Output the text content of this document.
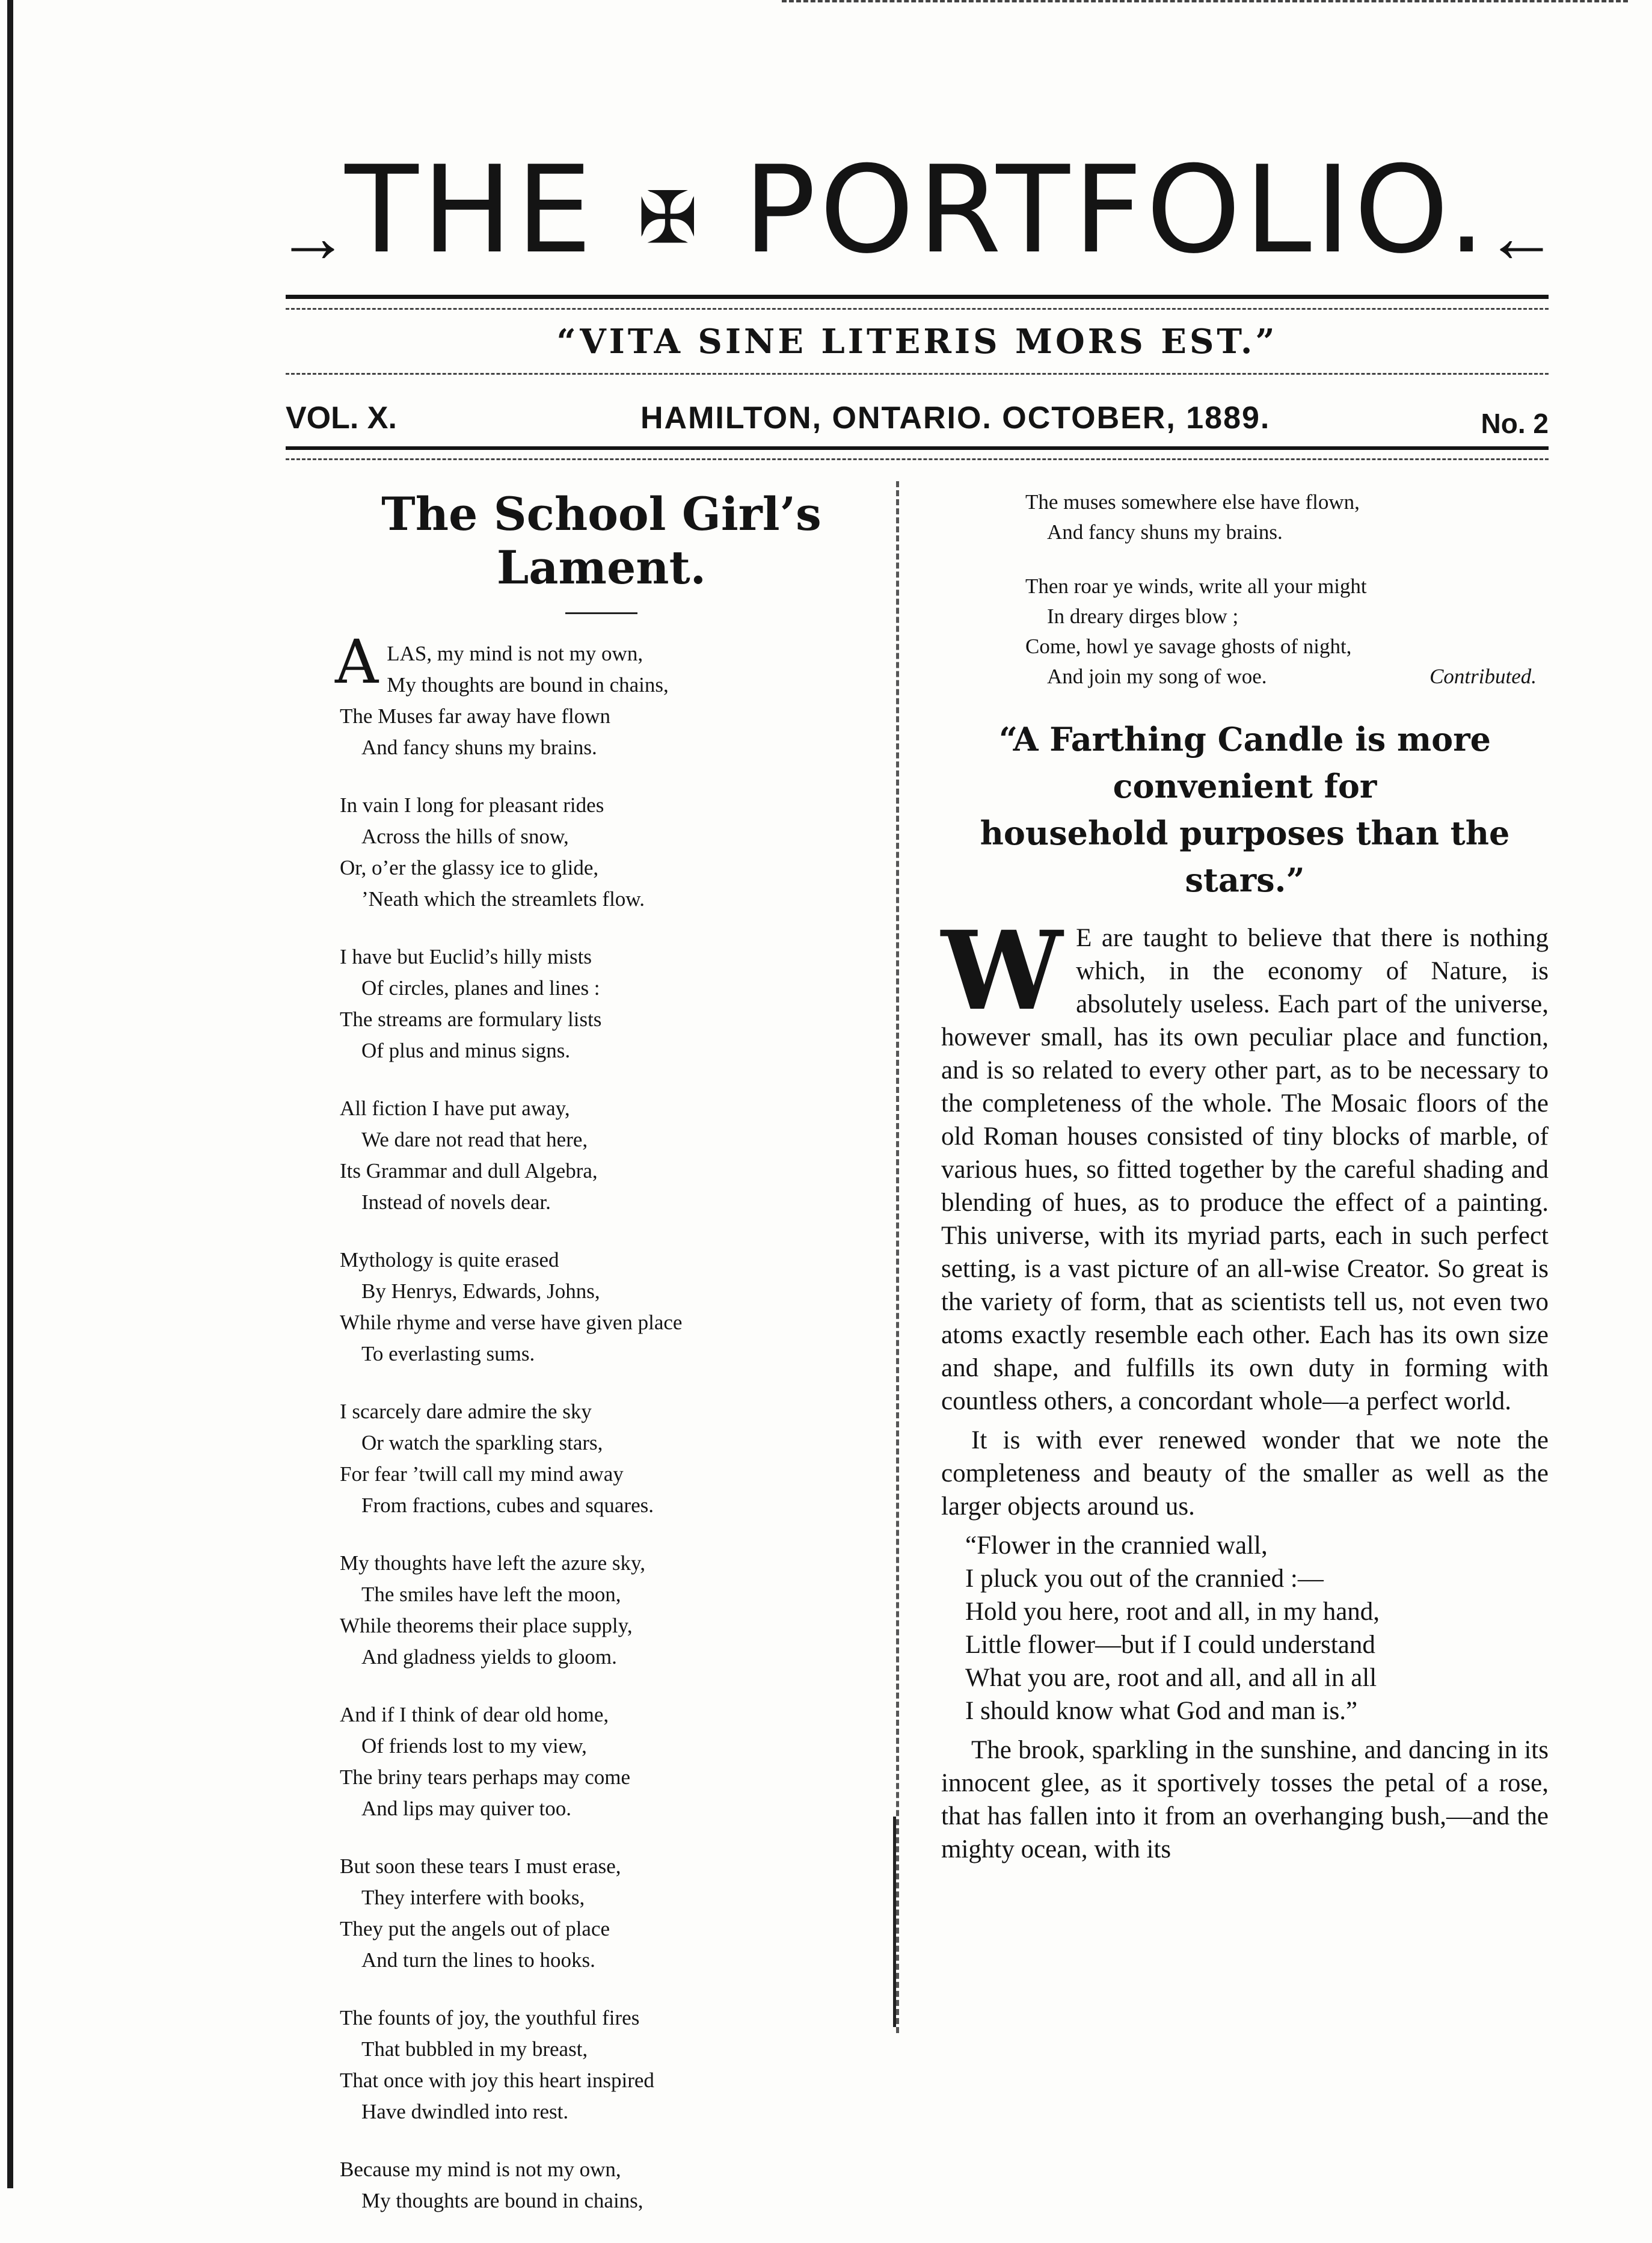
→
THE ✠ PORTFOLIO.
←
“VITA SINE LITERIS MORS EST.”
VOL. X.	HAMILTON, ONTARIO. OCTOBER, 1889.	No. 2
The School Girl’s Lament.
ALAS, my mind is not my own,
My thoughts are bound in chains,
The Muses far away have flown
And fancy shuns my brains.
In vain I long for pleasant rides
Across the hills of snow,
Or, o’er the glassy ice to glide,
’Neath which the streamlets flow.
I have but Euclid’s hilly mists
Of circles, planes and lines :
The streams are formulary lists
Of plus and minus signs.
All fiction I have put away,
We dare not read that here,
Its Grammar and dull Algebra,
Instead of novels dear.
Mythology is quite erased
By Henrys, Edwards, Johns,
While rhyme and verse have given place
To everlasting sums.
I scarcely dare admire the sky
Or watch the sparkling stars,
For fear ’twill call my mind away
From fractions, cubes and squares.
My thoughts have left the azure sky,
The smiles have left the moon,
While theorems their place supply,
And gladness yields to gloom.
And if I think of dear old home,
Of friends lost to my view,
The briny tears perhaps may come
And lips may quiver too.
But soon these tears I must erase,
They interfere with books,
They put the angels out of place
And turn the lines to hooks.
The founts of joy, the youthful fires
That bubbled in my breast,
That once with joy this heart inspired
Have dwindled into rest.
Because my mind is not my own,
My thoughts are bound in chains,
The muses somewhere else have flown,
And fancy shuns my brains.
Then roar ye winds, write all your might
In dreary dirges blow ;
Come, howl ye savage ghosts of night,
And join my song of woe.	Contributed.
“A Farthing Candle is more convenient for
household purposes than the stars.”

W E are taught to believe that there is nothing which, in the economy of Nature, is absolutely useless. Each part of the universe, however small, has its own peculiar place and function, and is so related to every other part, as to be necessary to the completeness of the whole. The Mosaic floors of the old Roman houses consisted of tiny blocks of marble, of various hues, so fitted together by the careful shading and blending of hues, as to produce the effect of a painting. This universe, with its myriad parts, each in such perfect setting, is a vast picture of an all-wise Creator. So great is the variety of form, that as scientists tell us, not even two atoms exactly resemble each other. Each has its own size and shape, and fulfills its own duty in forming with countless others, a concordant whole—a perfect world.

It is with ever renewed wonder that we note the completeness and beauty of the smaller as well as the larger objects around us.

“Flower in the crannied wall,
I pluck you out of the crannied :—
Hold you here, root and all, in my hand,
Little flower—but if I could understand
What you are, root and all, and all in all
I should know what God and man is.”

The brook, sparkling in the sunshine, and dancing in its innocent glee, as it sportively tosses the petal of a rose, that has fallen into it from an overhanging bush,—and the mighty ocean, with its
